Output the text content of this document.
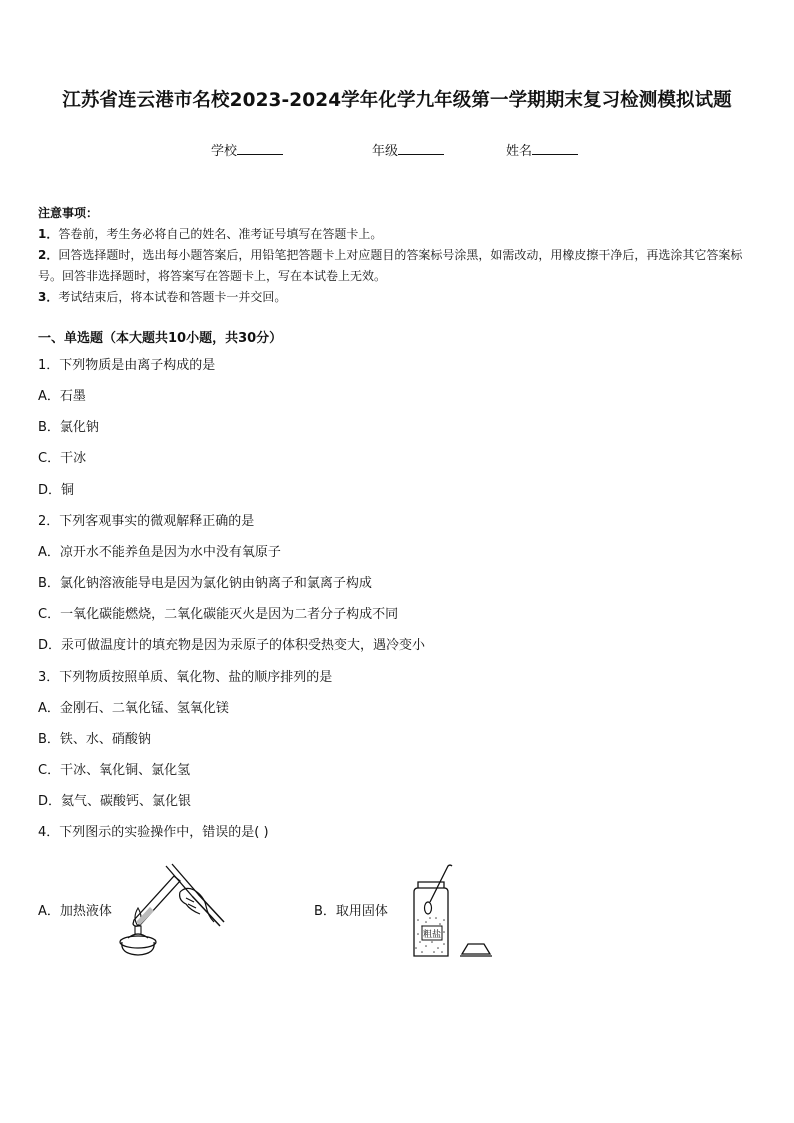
江苏省连云港市名校2023-2024学年化学九年级第一学期期末复习检测模拟试题
学校	年级	姓名
注意事项：
1．答卷前，考生务必将自己的姓名、准考证号填写在答题卡上。
2．回答选择题时，选出每小题答案后，用铅笔把答题卡上对应题目的答案标号涂黑，如需改动，用橡皮擦干净后，再选涂其它答案标号。回答非选择题时，将答案写在答题卡上，写在本试卷上无效。
3．考试结束后，将本试卷和答题卡一并交回。
一、单选题（本大题共10小题，共30分）
1．下列物质是由离子构成的是
A．石墨
B．氯化钠
C．干冰
D．铜
2．下列客观事实的微观解释正确的是
A．凉开水不能养鱼是因为水中没有氧原子
B．氯化钠溶液能导电是因为氯化钠由钠离子和氯离子构成
C．一氧化碳能燃烧，二氧化碳能灭火是因为二者分子构成不同
D．汞可做温度计的填充物是因为汞原子的体积受热变大，遇冷变小
3．下列物质按照单质、氧化物、盐的顺序排列的是
A．金刚石、二氧化锰、氢氧化镁
B．铁、水、硝酸钠
C．干冰、氧化铜、氯化氢
D．氦气、碳酸钙、氯化银
4．下列图示的实验操作中，错误的是( )
A．加热液体	B．取用固体
粗盐
